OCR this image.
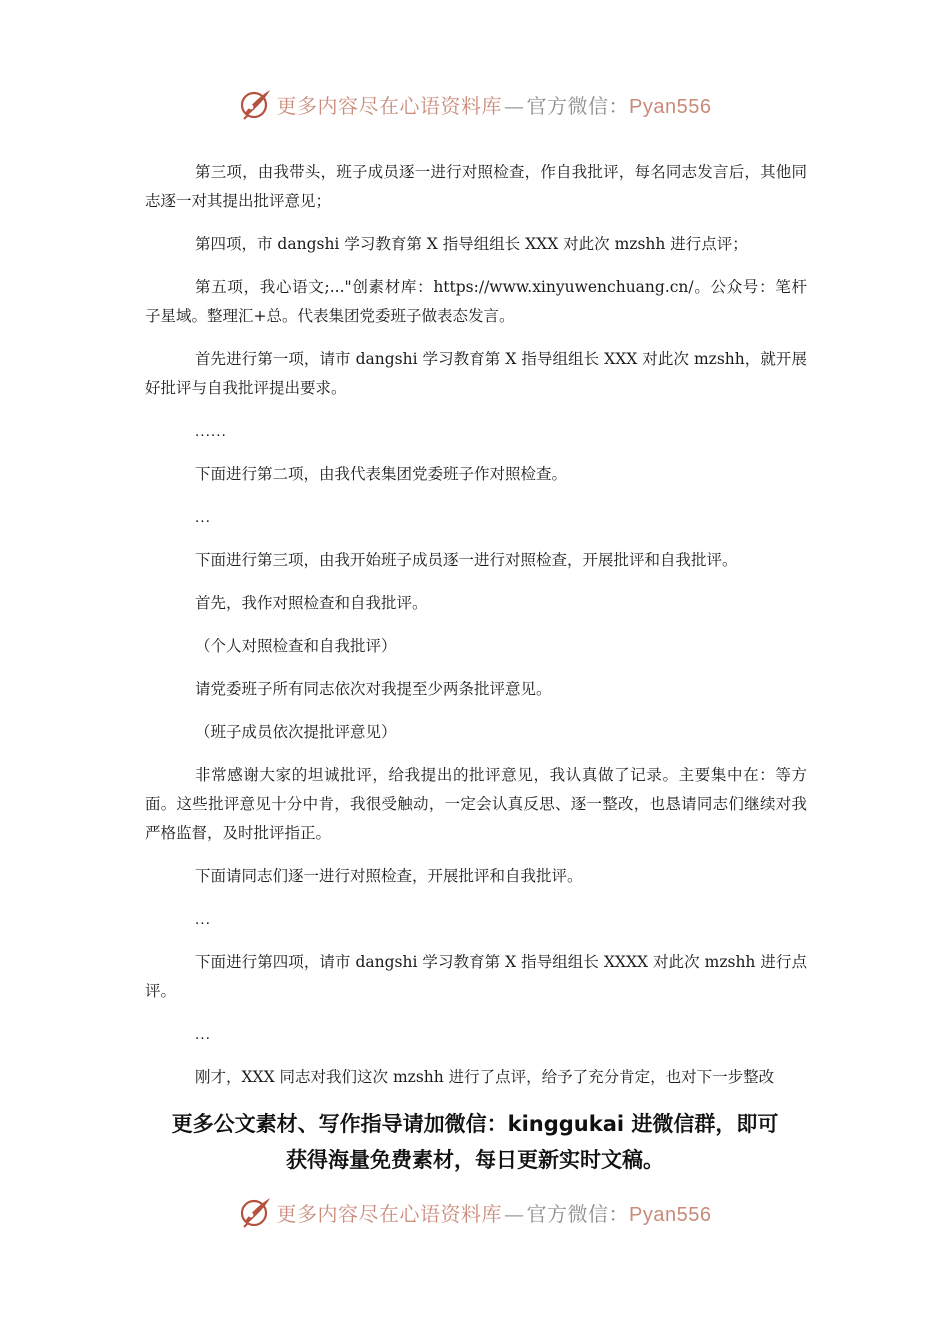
更多内容尽在心语资料库 — 官方微信：Pyan556

第三项，由我带头，班子成员逐一进行对照检查，作自我批评，每名同志发言后，其他同志逐一对其提出批评意见；

第四项，市 dangshi 学习教育第 X 指导组组长 XXX 对此次 mzshh 进行点评；

第五项，我心语文;..."创素材库：https://www.xinyuwenchuang.cn/。公众号：笔杆子星域。整理汇+总。代表集团党委班子做表态发言。

首先进行第一项，请市 dangshi 学习教育第 X 指导组组长 XXX 对此次 mzshh，就开展好批评与自我批评提出要求。

......

下面进行第二项，由我代表集团党委班子作对照检查。

...

下面进行第三项，由我开始班子成员逐一进行对照检查，开展批评和自我批评。

首先，我作对照检查和自我批评。

（个人对照检查和自我批评）

请党委班子所有同志依次对我提至少两条批评意见。

（班子成员依次提批评意见）

非常感谢大家的坦诚批评，给我提出的批评意见，我认真做了记录。主要集中在：等方面。这些批评意见十分中肯，我很受触动，一定会认真反思、逐一整改，也恳请同志们继续对我严格监督，及时批评指正。

下面请同志们逐一进行对照检查，开展批评和自我批评。

...

下面进行第四项，请市 dangshi 学习教育第 X 指导组组长 XXXX 对此次 mzshh 进行点评。

...

刚才，XXX 同志对我们这次 mzshh 进行了点评，给予了充分肯定，也对下一步整改

更多公文素材、写作指导请加微信：kinggukai 进微信群，即可
获得海量免费素材，每日更新实时文稿。
更多内容尽在心语资料库 — 官方微信：Pyan556
